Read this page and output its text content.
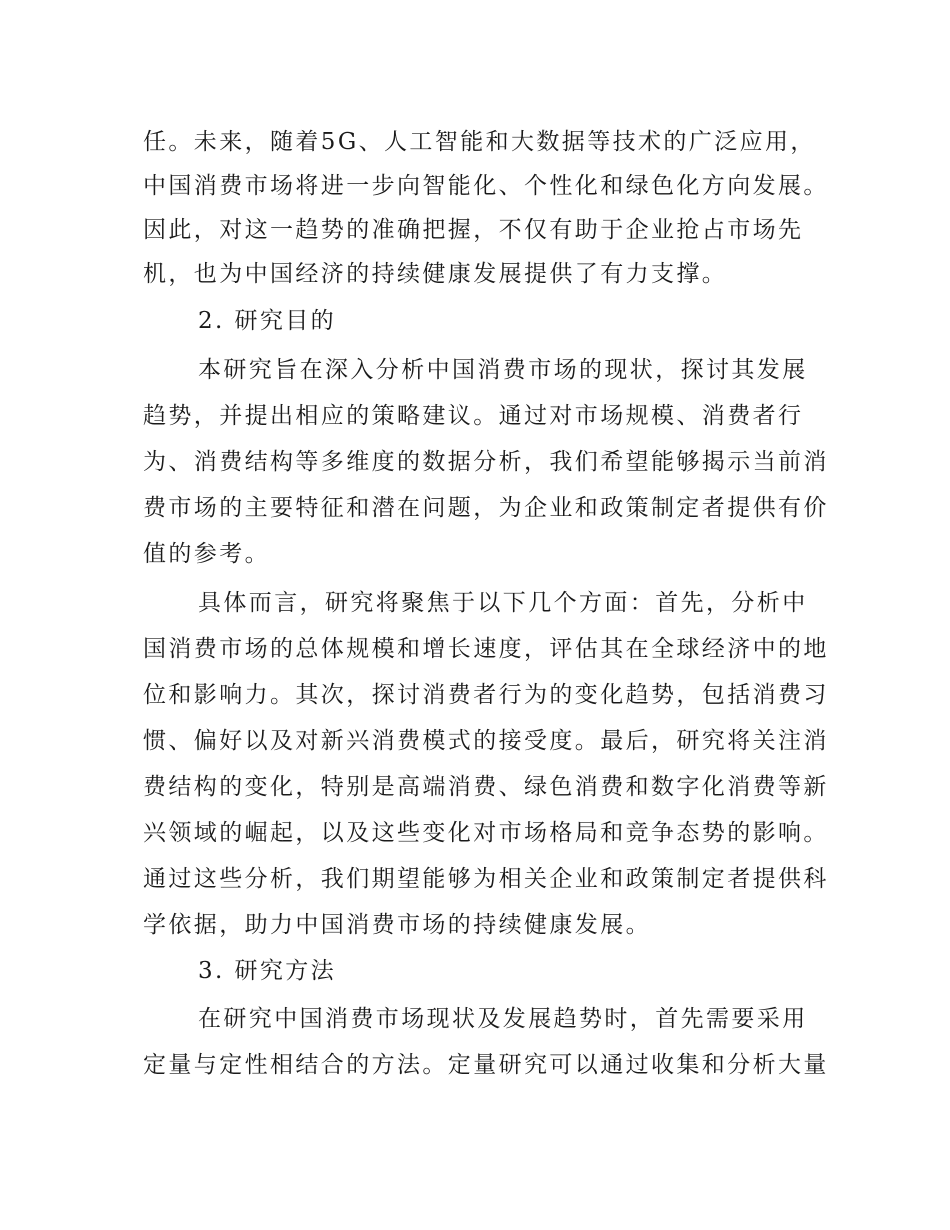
任。未来，随着5G、人工智能和大数据等技术的广泛应用，
中国消费市场将进一步向智能化、个性化和绿色化方向发展。
因此，对这一趋势的准确把握，不仅有助于企业抢占市场先
机，也为中国经济的持续健康发展提供了有力支撑。
2. 研究目的
本研究旨在深入分析中国消费市场的现状，探讨其发展
趋势，并提出相应的策略建议。通过对市场规模、消费者行
为、消费结构等多维度的数据分析，我们希望能够揭示当前消
费市场的主要特征和潜在问题，为企业和政策制定者提供有价
值的参考。
具体而言，研究将聚焦于以下几个方面：首先，分析中
国消费市场的总体规模和增长速度，评估其在全球经济中的地
位和影响力。其次，探讨消费者行为的变化趋势，包括消费习
惯、偏好以及对新兴消费模式的接受度。最后，研究将关注消
费结构的变化，特别是高端消费、绿色消费和数字化消费等新
兴领域的崛起，以及这些变化对市场格局和竞争态势的影响。
通过这些分析，我们期望能够为相关企业和政策制定者提供科
学依据，助力中国消费市场的持续健康发展。
3. 研究方法
在研究中国消费市场现状及发展趋势时，首先需要采用
定量与定性相结合的方法。定量研究可以通过收集和分析大量
